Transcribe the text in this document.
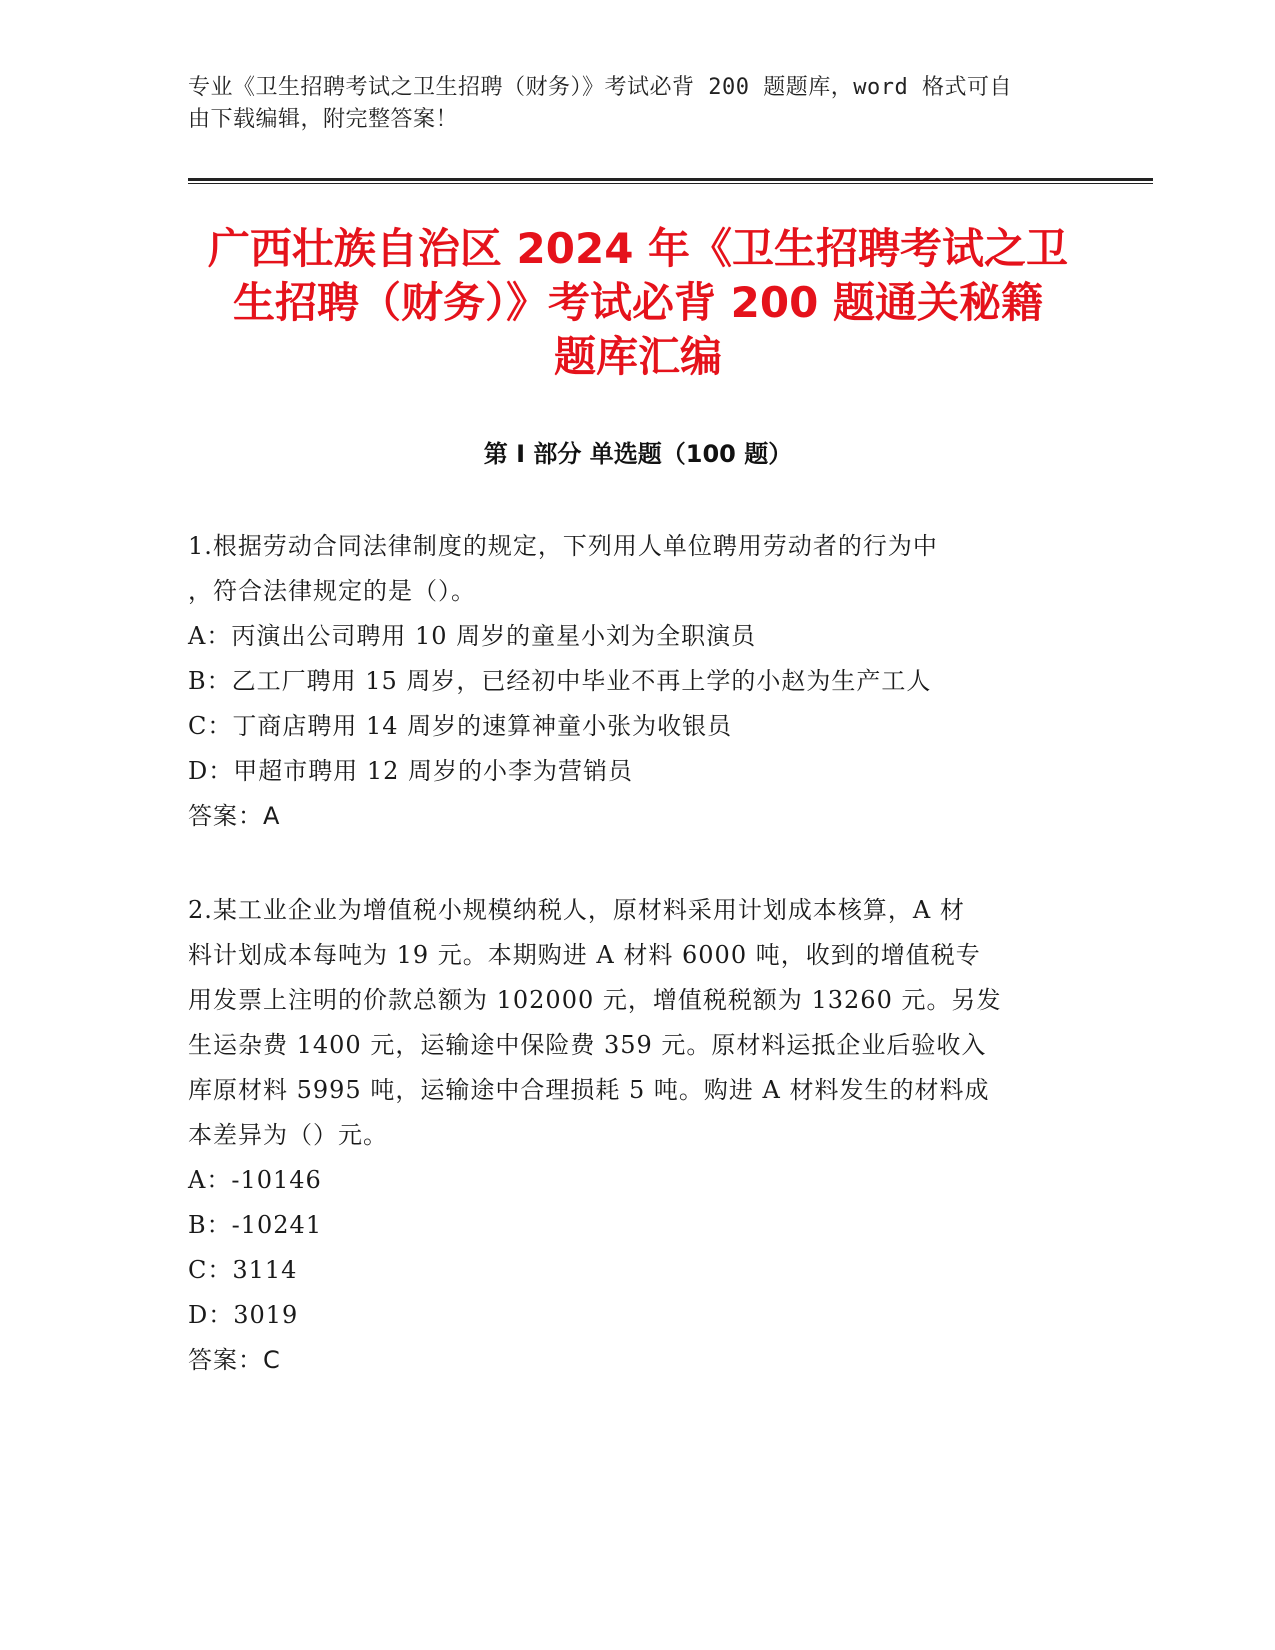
专业《卫生招聘考试之卫生招聘（财务）》考试必背 200 题题库，word 格式可自
由下载编辑，附完整答案！
广西壮族自治区 2024 年《卫生招聘考试之卫
生招聘（财务）》考试必背 200 题通关秘籍
题库汇编
第 I 部分 单选题（100 题）

1.根据劳动合同法律制度的规定，下列用人单位聘用劳动者的行为中

，符合法律规定的是（）。

A：丙演出公司聘用 10 周岁的童星小刘为全职演员

B：乙工厂聘用 15 周岁，已经初中毕业不再上学的小赵为生产工人

C：丁商店聘用 14 周岁的速算神童小张为收银员

D：甲超市聘用 12 周岁的小李为营销员

答案：A

2.某工业企业为增值税小规模纳税人，原材料采用计划成本核算，A 材

料计划成本每吨为 19 元。本期购进 A 材料 6000 吨，收到的增值税专

用发票上注明的价款总额为 102000 元，增值税税额为 13260 元。另发

生运杂费 1400 元，运输途中保险费 359 元。原材料运抵企业后验收入

库原材料 5995 吨，运输途中合理损耗 5 吨。购进 A 材料发生的材料成

本差异为（）元。

A：-10146

B：-10241

C：3114

D：3019

答案：C
